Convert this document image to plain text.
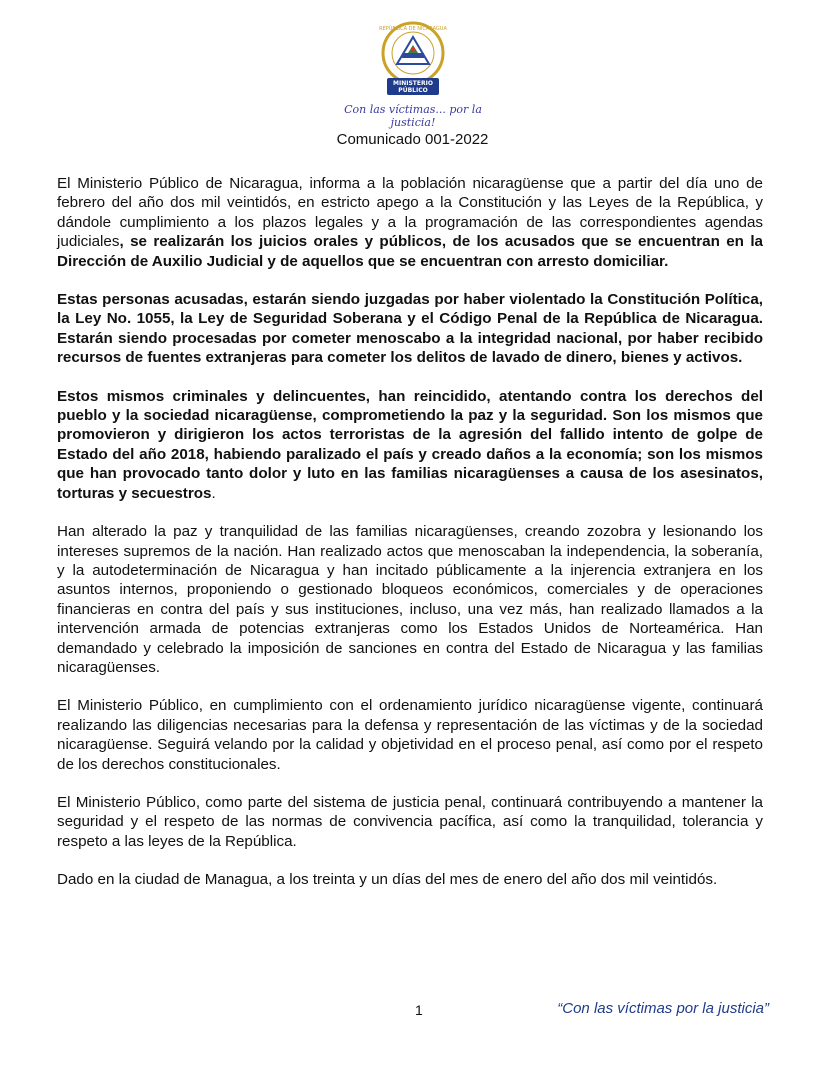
REPÚBLICA DE NICARAGUA
MINISTERIO
PÚBLICO
Con las víctimas... por la justicia!
Comunicado 001-2022

El Ministerio Público de Nicaragua, informa a la población nicaragüense que a partir del día uno de febrero del año dos mil veintidós, en estricto apego a la Constitución y las Leyes de la República, y dándole cumplimiento a los plazos legales y a la programación de las correspondientes agendas judiciales, se realizarán los juicios orales y públicos, de los acusados que se encuentran en la Dirección de Auxilio Judicial y de aquellos que se encuentran con arresto domiciliar.

Estas personas acusadas, estarán siendo juzgadas por haber violentado la Constitución Política, la Ley No. 1055, la Ley de Seguridad Soberana y el Código Penal de la República de Nicaragua. Estarán siendo procesadas por cometer menoscabo a la integridad nacional, por haber recibido recursos de fuentes extranjeras para cometer los delitos de lavado de dinero, bienes y activos.

Estos mismos criminales y delincuentes, han reincidido, atentando contra los derechos del pueblo y la sociedad nicaragüense, comprometiendo la paz y la seguridad. Son los mismos que promovieron y dirigieron los actos terroristas de la agresión del fallido intento de golpe de Estado del año 2018, habiendo paralizado el país y creado daños a la economía; son los mismos que han provocado tanto dolor y luto en las familias nicaragüenses a causa de los asesinatos, torturas y secuestros.

Han alterado la paz y tranquilidad de las familias nicaragüenses, creando zozobra y lesionando los intereses supremos de la nación. Han realizado actos que menoscaban la independencia, la soberanía, y la autodeterminación de Nicaragua y han incitado públicamente a la injerencia extranjera en los asuntos internos, proponiendo o gestionado bloqueos económicos, comerciales y de operaciones financieras en contra del país y sus instituciones, incluso, una vez más, han realizado llamados a la intervención armada de potencias extranjeras como los Estados Unidos de Norteamérica. Han demandado y celebrado la imposición de sanciones en contra del Estado de Nicaragua y las familias nicaragüenses.

El Ministerio Público, en cumplimiento con el ordenamiento jurídico nicaragüense vigente, continuará realizando las diligencias necesarias para la defensa y representación de las víctimas y de la sociedad nicaragüense. Seguirá velando por la calidad y objetividad en el proceso penal, así como por el respeto de los derechos constitucionales.

El Ministerio Público, como parte del sistema de justicia penal, continuará contribuyendo a mantener la seguridad y el respeto de las normas de convivencia pacífica, así como la tranquilidad, tolerancia y respeto a las leyes de la República.

Dado en la ciudad de Managua, a los treinta y un días del mes de enero del año dos mil veintidós.

1	“Con las víctimas por la justicia”
